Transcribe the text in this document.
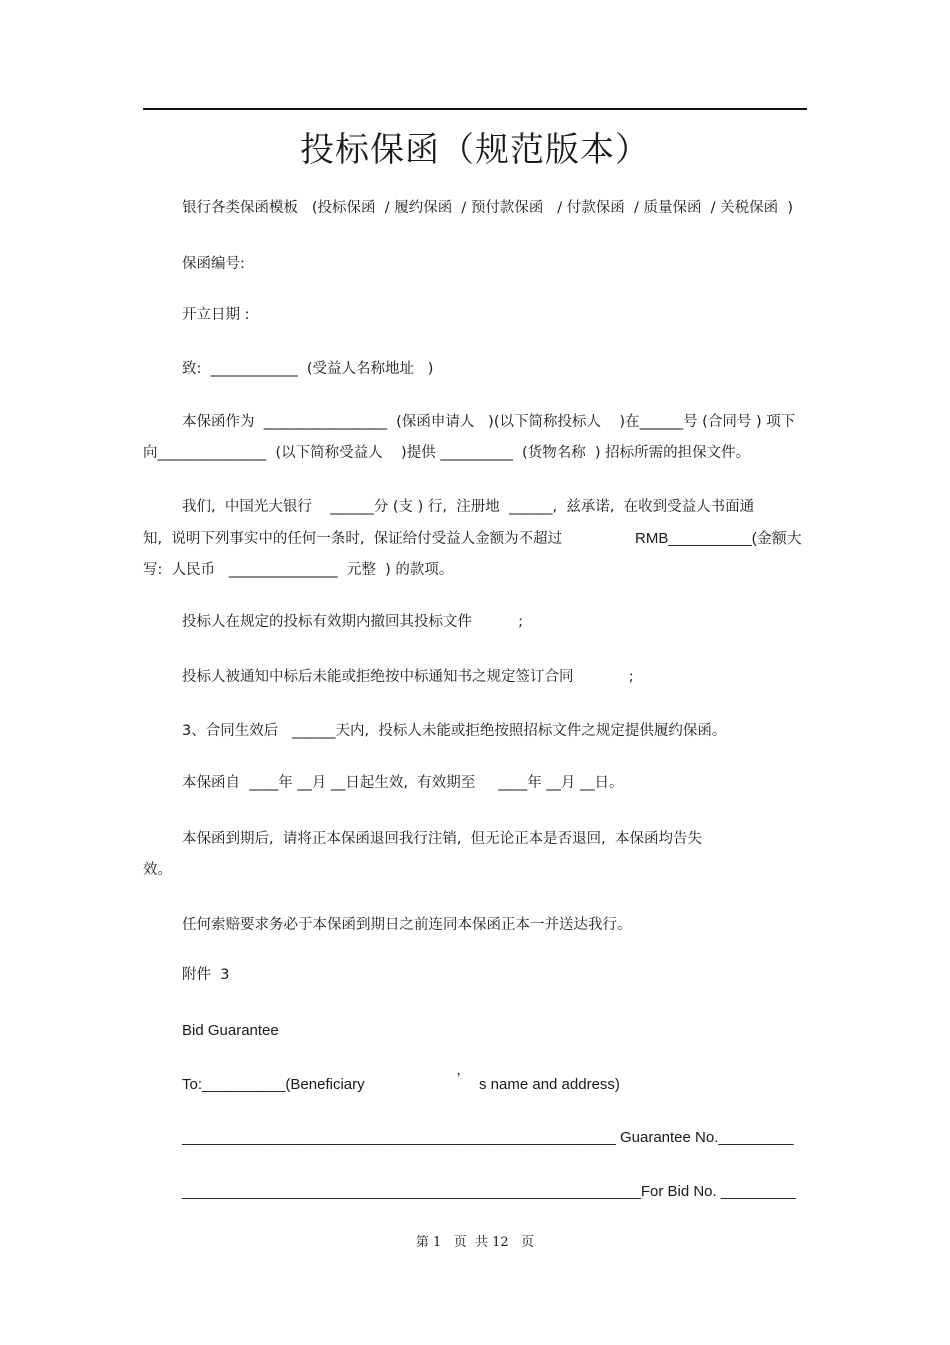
投标保函（规范版本）
银行各类保函模板   (投标保函  / 履约保函  / 预付款保函   / 付款保函  / 质量保函  / 关税保函  )
保函编号:
开立日期 :
致:  ____________  (受益人名称地址   )
本保函作为  _________________  (保函申请人   )(以下简称投标人    )在______号 (合同号 ) 项下
向_______________  (以下简称受益人    )提供 __________  (货物名称  ) 招标所需的担保文件。
我们,  中国光大银行    ______分 (支 ) 行,  注册地  ______,  兹承诺,  在收到受益人书面通
知,  说明下列事实中的任何一条时,  保证给付受益人金额为不超过	RMB__________(金额大
写:  人民币   _______________  元整  ) 的款项。
投标人在规定的投标有效期内撤回其投标文件          ;
投标人被通知中标后未能或拒绝按中标通知书之规定签订合同            ;
3、合同生效后   ______天内,  投标人未能或拒绝按照招标文件之规定提供履约保函。
本保函自  ____年 __月 __日起生效,  有效期至     ____年 __月 __日。
本保函到期后,  请将正本保函退回我行注销,  但无论正本是否退回,  本保函均告失
效。
任何索赔要求务必于本保函到期日之前连同本保函正本一并送达我行。
附件  3
Bid Guarantee
To:__________(Beneficiary	’ s name and address)
____________________________________________________ Guarantee No._________
_______________________________________________________For Bid No. _________
第 1   页  共 12   页
